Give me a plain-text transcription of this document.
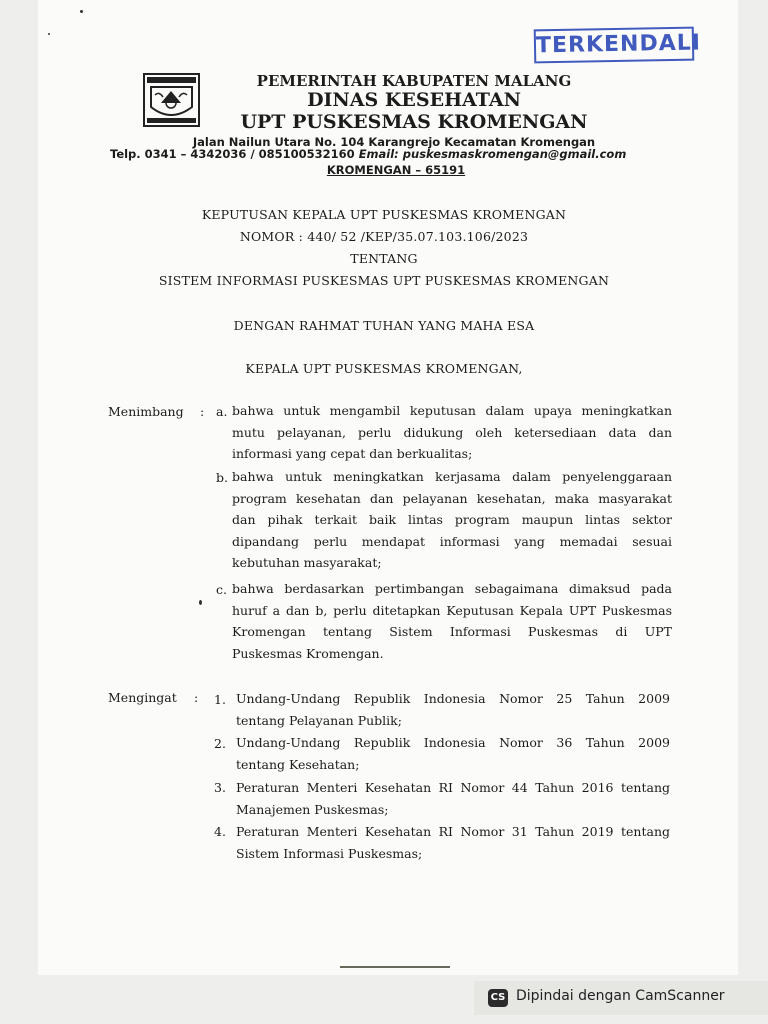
TERKENDALI
PEMERINTAH KABUPATEN MALANG
DINAS KESEHATAN
UPT PUSKESMAS KROMENGAN
Jalan Nailun Utara No. 104 Karangrejo Kecamatan Kromengan
Telp. 0341 – 4342036 / 085100532160 Email: puskesmaskromengan@gmail.com
KROMENGAN – 65191
KEPUTUSAN KEPALA UPT PUSKESMAS KROMENGAN
NOMOR : 440/ 52 /KEP/35.07.103.106/2023
TENTANG
SISTEM INFORMASI PUSKESMAS UPT PUSKESMAS KROMENGAN
DENGAN RAHMAT TUHAN YANG MAHA ESA
KEPALA UPT PUSKESMAS KROMENGAN,
Menimbang : a. bahwa untuk mengambil keputusan dalam upaya meningkatkan
mutu pelayanan, perlu didukung oleh ketersediaan data dan
informasi yang cepat dan berkualitas;
b. bahwa untuk meningkatkan kerjasama dalam penyelenggaraan
program kesehatan dan pelayanan kesehatan, maka masyarakat
dan pihak terkait baik lintas program maupun lintas sektor
dipandang perlu mendapat informasi yang memadai sesuai
kebutuhan masyarakat;
c. bahwa berdasarkan pertimbangan sebagaimana dimaksud pada
huruf a dan b, perlu ditetapkan Keputusan Kepala UPT Puskesmas
Kromengan tentang Sistem Informasi Puskesmas di UPT
Puskesmas Kromengan.
Mengingat : 1. Undang-Undang Republik Indonesia Nomor 25 Tahun 2009
tentang Pelayanan Publik;
2. Undang-Undang Republik Indonesia Nomor 36 Tahun 2009
tentang Kesehatan;
3. Peraturan Menteri Kesehatan RI Nomor 44 Tahun 2016 tentang
Manajemen Puskesmas;
4. Peraturan Menteri Kesehatan RI Nomor 31 Tahun 2019 tentang
Sistem Informasi Puskesmas;
CS Dipindai dengan CamScanner
